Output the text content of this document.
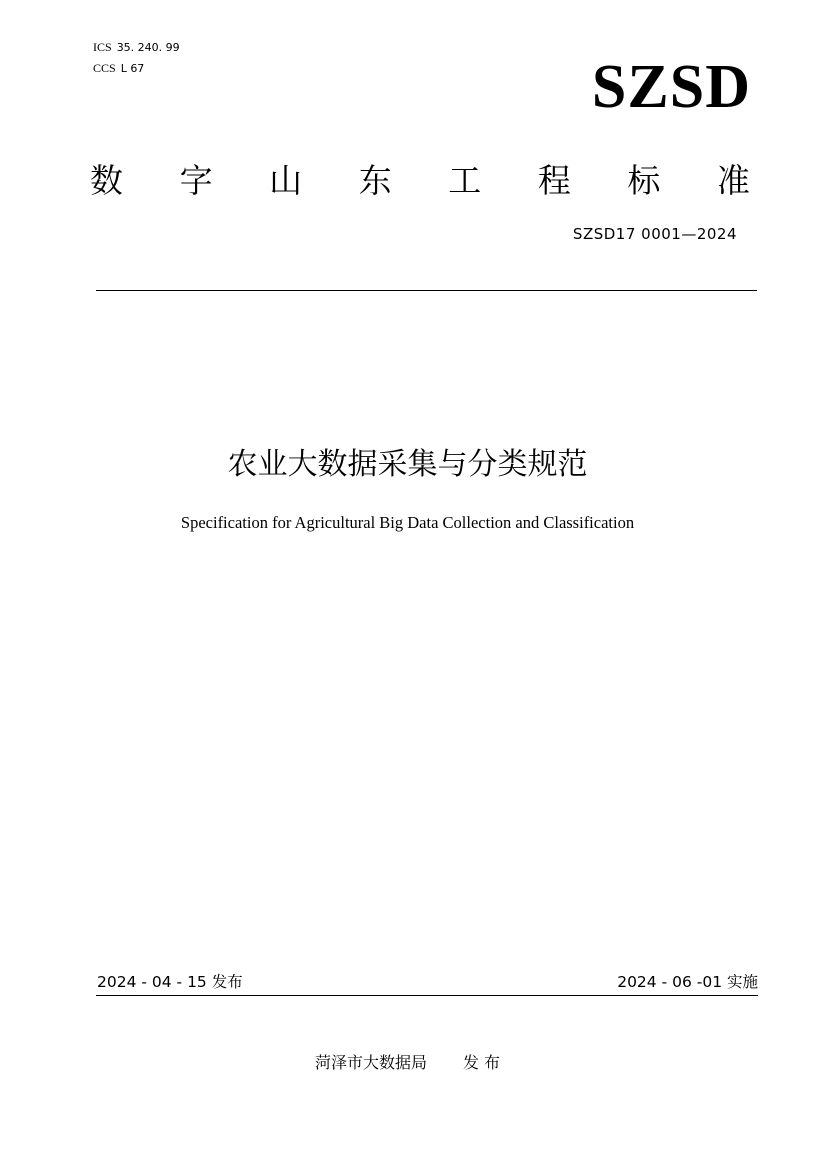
ICS 35. 240. 99
CCS L 67	SZSD
数 字 山 东 工 程 标 准
SZSD17 0001—2024
农业大数据采集与分类规范
Specification for Agricultural Big Data Collection and Classification
2024 - 04 - 15 发布	2024 - 06 -01 实施
菏泽市大数据局 发 布
